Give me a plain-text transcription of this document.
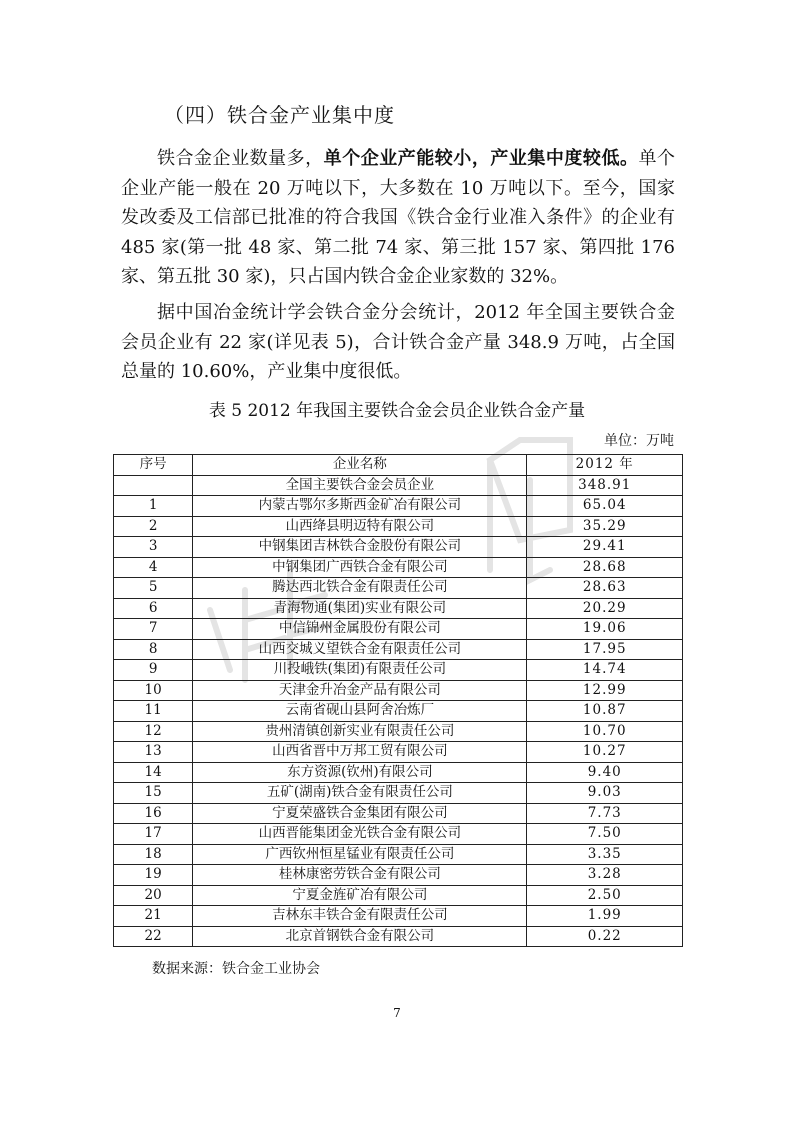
（四）铁合金产业集中度
铁合金企业数量多，单个企业产能较小，产业集中度较低。单个企业产能一般在 20 万吨以下，大多数在 10 万吨以下。至今，国家发改委及工信部已批准的符合我国《铁合金行业准入条件》的企业有 485 家(第一批 48 家、第二批 74 家、第三批 157 家、第四批 176 家、第五批 30 家)，只占国内铁合金企业家数的 32%。
据中国冶金统计学会铁合金分会统计，2012 年全国主要铁合金会员企业有 22 家(详见表 5)，合计铁合金产量 348.9 万吨，占全国总量的 10.60%，产业集中度很低。
表 5 2012 年我国主要铁合金会员企业铁合金产量
单位：万吨
序号	企业名称	2012 年
	全国主要铁合金会员企业	348.91
1	内蒙古鄂尔多斯西金矿冶有限公司	65.04
2	山西绛县明迈特有限公司	35.29
3	中钢集团吉林铁合金股份有限公司	29.41
4	中钢集团广西铁合金有限公司	28.68
5	腾达西北铁合金有限责任公司	28.63
6	青海物通(集团)实业有限公司	20.29
7	中信锦州金属股份有限公司	19.06
8	山西交城义望铁合金有限责任公司	17.95
9	川投峨铁(集团)有限责任公司	14.74
10	天津金升冶金产品有限公司	12.99
11	云南省砚山县阿舍冶炼厂	10.87
12	贵州清镇创新实业有限责任公司	10.70
13	山西省晋中万邦工贸有限公司	10.27
14	东方资源(钦州)有限公司	9.40
15	五矿(湖南)铁合金有限责任公司	9.03
16	宁夏荣盛铁合金集团有限公司	7.73
17	山西晋能集团金光铁合金有限公司	7.50
18	广西钦州恒星锰业有限责任公司	3.35
19	桂林康密劳铁合金有限公司	3.28
20	宁夏金旌矿冶有限公司	2.50
21	吉林东丰铁合金有限责任公司	1.99
22	北京首钢铁合金有限公司	0.22
数据来源：铁合金工业协会
7
